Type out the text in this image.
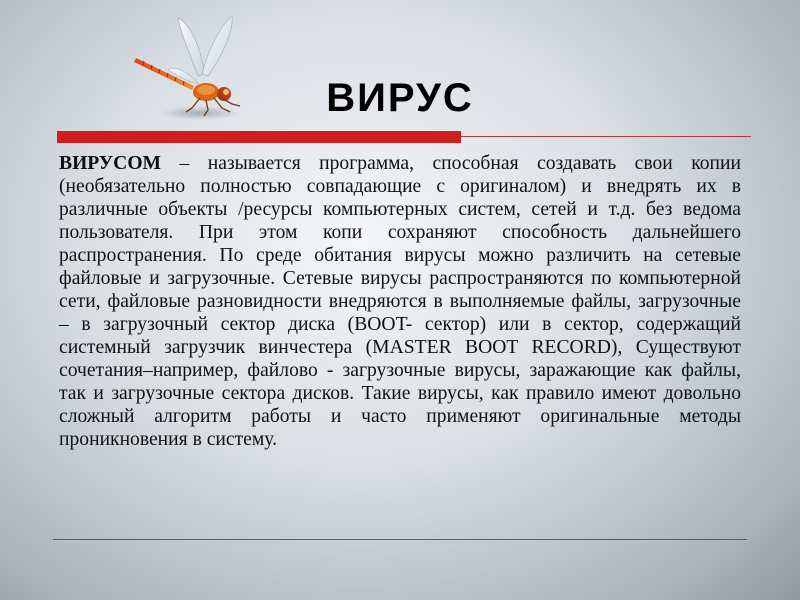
ВИРУС

ВИРУСОМ – называется программа, способная создавать свои копии (необязательно полностью совпадающие с оригиналом) и внедрять их в различные объекты /ресурсы компьютерных систем, сетей и т.д. без ведома пользователя. При этом копи сохраняют способность дальнейшего распространения. По среде обитания вирусы можно различить на сетевые файловые и загрузочные. Сетевые вирусы распространяются по компьютерной сети, файловые разновидности внедряются в выполняемые файлы, загрузочные – в загрузочный сектор диска (BOOT- сектор) или в сектор, содержащий системный загрузчик винчестера (MASTER BOOT RECORD), Существуют сочетания–например, файлово - загрузочные вирусы, заражающие как файлы, так и загрузочные сектора дисков. Такие вирусы, как правило имеют довольно сложный алгоритм работы и часто применяют оригинальные методы проникновения в систему.
